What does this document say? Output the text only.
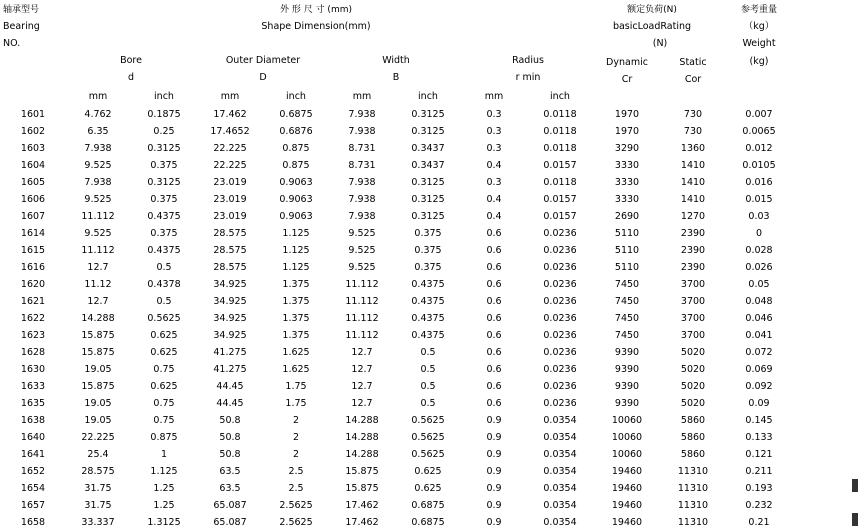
轴承型号
Bearing
NO.
外 形 尺 寸 (mm)
Shape Dimension(mm)
额定负荷(N)
basicLoadRating
(N)
参考重量
（kg）
Weight
(kg)
Bore
d
Outer Diameter
D
Width
B
Radius
r min
Dynamic
Cr
Static
Cor
mm	inch	mm	inch	mm	inch	mm	inch
1601	4.762	0.1875	17.462	0.6875	7.938	0.3125	0.3	0.0118	1970	730	0.007
1602	6.35	0.25	17.4652	0.6876	7.938	0.3125	0.3	0.0118	1970	730	0.0065
1603	7.938	0.3125	22.225	0.875	8.731	0.3437	0.3	0.0118	3290	1360	0.012
1604	9.525	0.375	22.225	0.875	8.731	0.3437	0.4	0.0157	3330	1410	0.0105
1605	7.938	0.3125	23.019	0.9063	7.938	0.3125	0.3	0.0118	3330	1410	0.016
1606	9.525	0.375	23.019	0.9063	7.938	0.3125	0.4	0.0157	3330	1410	0.015
1607	11.112	0.4375	23.019	0.9063	7.938	0.3125	0.4	0.0157	2690	1270	0.03
1614	9.525	0.375	28.575	1.125	9.525	0.375	0.6	0.0236	5110	2390	0
1615	11.112	0.4375	28.575	1.125	9.525	0.375	0.6	0.0236	5110	2390	0.028
1616	12.7	0.5	28.575	1.125	9.525	0.375	0.6	0.0236	5110	2390	0.026
1620	11.12	0.4378	34.925	1.375	11.112	0.4375	0.6	0.0236	7450	3700	0.05
1621	12.7	0.5	34.925	1.375	11.112	0.4375	0.6	0.0236	7450	3700	0.048
1622	14.288	0.5625	34.925	1.375	11.112	0.4375	0.6	0.0236	7450	3700	0.046
1623	15.875	0.625	34.925	1.375	11.112	0.4375	0.6	0.0236	7450	3700	0.041
1628	15.875	0.625	41.275	1.625	12.7	0.5	0.6	0.0236	9390	5020	0.072
1630	19.05	0.75	41.275	1.625	12.7	0.5	0.6	0.0236	9390	5020	0.069
1633	15.875	0.625	44.45	1.75	12.7	0.5	0.6	0.0236	9390	5020	0.092
1635	19.05	0.75	44.45	1.75	12.7	0.5	0.6	0.0236	9390	5020	0.09
1638	19.05	0.75	50.8	2	14.288	0.5625	0.9	0.0354	10060	5860	0.145
1640	22.225	0.875	50.8	2	14.288	0.5625	0.9	0.0354	10060	5860	0.133
1641	25.4	1	50.8	2	14.288	0.5625	0.9	0.0354	10060	5860	0.121
1652	28.575	1.125	63.5	2.5	15.875	0.625	0.9	0.0354	19460	11310	0.211
1654	31.75	1.25	63.5	2.5	15.875	0.625	0.9	0.0354	19460	11310	0.193
1657	31.75	1.25	65.087	2.5625	17.462	0.6875	0.9	0.0354	19460	11310	0.232
1658	33.337	1.3125	65.087	2.5625	17.462	0.6875	0.9	0.0354	19460	11310	0.21
